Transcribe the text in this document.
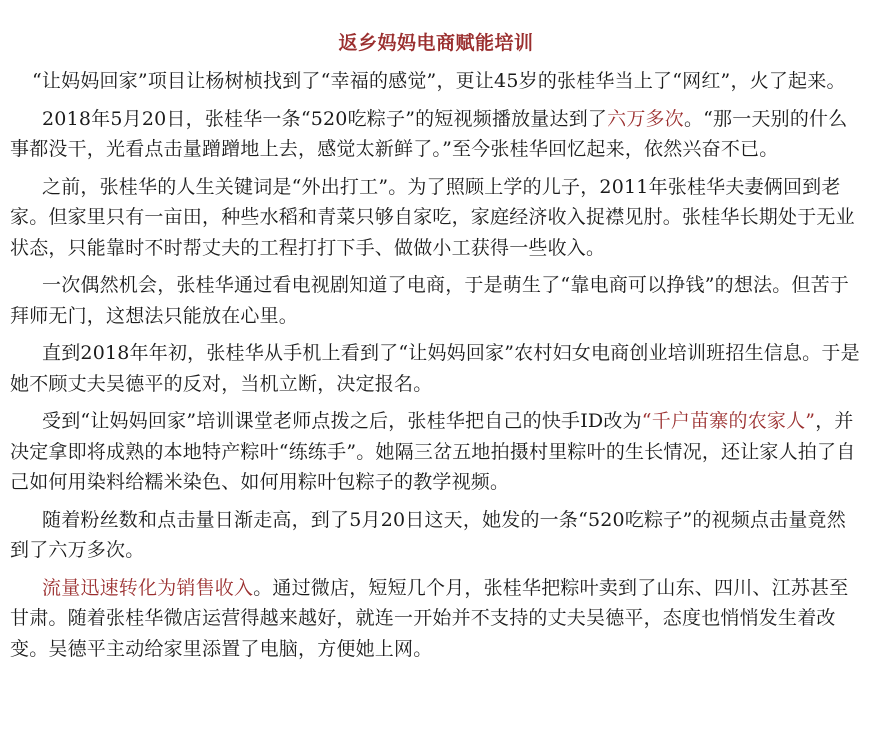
返乡妈妈电商赋能培训

“让妈妈回家”项目让杨树桢找到了“幸福的感觉”，更让45岁的张桂华当上了“网红”，火了起来。

2018年5月20日，张桂华一条“520吃粽子”的短视频播放量达到了六万多次。“那一天别的什么事都没干，光看点击量蹭蹭地上去，感觉太新鲜了。”至今张桂华回忆起来，依然兴奋不已。

之前，张桂华的人生关键词是“外出打工”。为了照顾上学的儿子，2011年张桂华夫妻俩回到老家。但家里只有一亩田，种些水稻和青菜只够自家吃，家庭经济收入捉襟见肘。张桂华长期处于无业状态，只能靠时不时帮丈夫的工程打打下手、做做小工获得一些收入。

一次偶然机会，张桂华通过看电视剧知道了电商，于是萌生了“靠电商可以挣钱”的想法。但苦于拜师无门，这想法只能放在心里。

直到2018年年初，张桂华从手机上看到了“让妈妈回家”农村妇女电商创业培训班招生信息。于是她不顾丈夫吴德平的反对，当机立断，决定报名。

受到“让妈妈回家”培训课堂老师点拨之后，张桂华把自己的快手ID改为“千户苗寨的农家人”，并决定拿即将成熟的本地特产粽叶“练练手”。她隔三岔五地拍摄村里粽叶的生长情况，还让家人拍了自己如何用染料给糯米染色、如何用粽叶包粽子的教学视频。

随着粉丝数和点击量日渐走高，到了5月20日这天，她发的一条“520吃粽子”的视频点击量竟然到了六万多次。

流量迅速转化为销售收入。通过微店，短短几个月，张桂华把粽叶卖到了山东、四川、江苏甚至甘肃。随着张桂华微店运营得越来越好，就连一开始并不支持的丈夫吴德平，态度也悄悄发生着改变。吴德平主动给家里添置了电脑，方便她上网。
